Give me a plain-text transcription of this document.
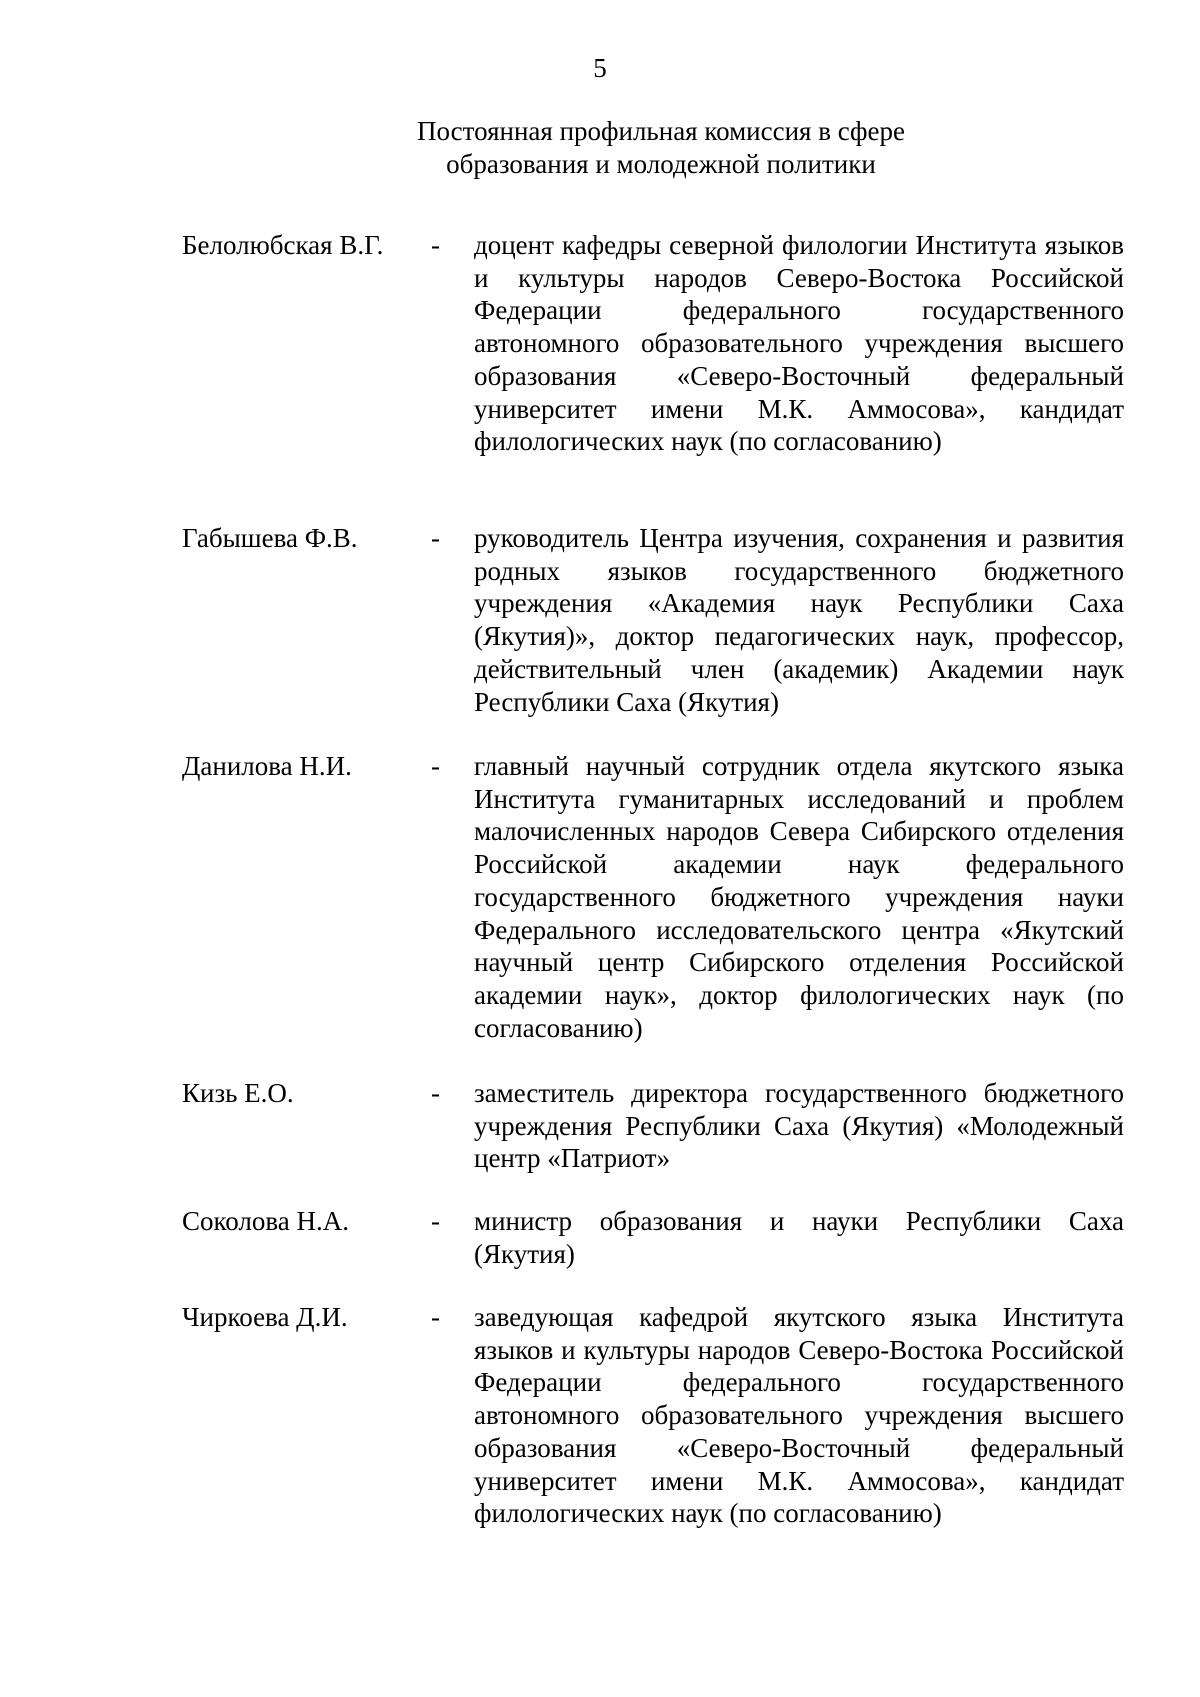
5
Постоянная профильная комиссия в сфере
образования и молодежной политики
Белолюбская В.Г. - доцент кафедры северной филологии Института языков и культуры народов Северо-Востока Российской Федерации федерального государственного автономного образовательного учреждения высшего образования «Северо-Восточный федеральный университет имени М.К. Аммосова», кандидат филологических наук (по согласованию)

Габышева Ф.В.	- руководитель Центра изучения, сохранения и развития родных языков государственного бюджетного учреждения «Академия наук Республики Саха (Якутия)», доктор педагогических наук, профессор, действительный член (академик) Академии наук Республики Саха (Якутия)

Данилова Н.И.	- главный научный сотрудник отдела якутского языка Института гуманитарных исследований и проблем малочисленных народов Севера Сибирского отделения Российской академии наук федерального государственного бюджетного учреждения науки Федерального исследовательского центра «Якутский научный центр Сибирского отделения Российской академии наук», доктор филологических наук (по согласованию)

Кизь Е.О.	- заместитель директора государственного бюджетного учреждения Республики Саха (Якутия) «Молодежный центр «Патриот»

Соколова Н.А.	- министр образования и науки Республики Саха (Якутия)

Чиркоева Д.И.	- заведующая кафедрой якутского языка Института языков и культуры народов Северо-Востока Российской Федерации федерального государственного автономного образовательного учреждения высшего образования «Северо-Восточный федеральный университет имени М.К. Аммосова», кандидат филологических наук (по согласованию)
